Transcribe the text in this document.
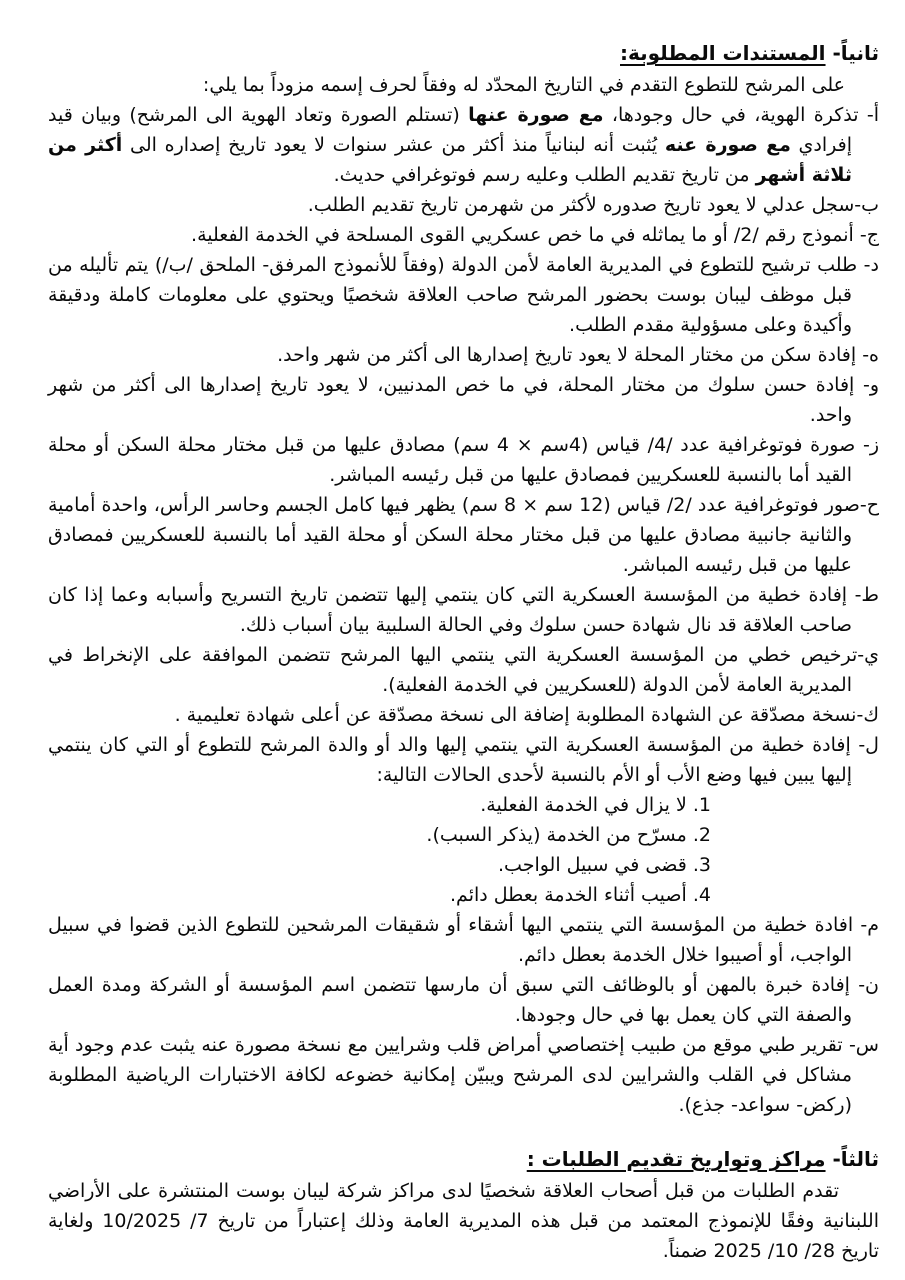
ثانياً- المستندات المطلوبة:

على المرشح للتطوع التقدم في التاريخ المحدّد له وفقاً لحرف إسمه مزوداً بما يلي:

أ- تذكرة الهوية، في حال وجودها، مع صورة عنها (تستلم الصورة وتعاد الهوية الى المرشح) وبيان قيد إفرادي مع صورة عنه يُثبت أنه لبنانياً منذ أكثر من عشر سنوات لا يعود تاريخ إصداره الى أكثر من ثلاثة أشهر من تاريخ تقديم الطلب وعليه رسم فوتوغرافي حديث.
ب-سجل عدلي لا يعود تاريخ صدوره لأكثر من شهرمن تاريخ تقديم الطلب.
ج- أنموذج رقم /2/ أو ما يماثله في ما خص عسكريي القوى المسلحة في الخدمة الفعلية.
د- طلب ترشيح للتطوع في المديرية العامة لأمن الدولة (وفقاً للأنموذج المرفق- الملحق /ب/) يتم تأليله من قبل موظف ليبان بوست بحضور المرشح صاحب العلاقة شخصيًا ويحتوي على معلومات كاملة ودقيقة وأكيدة وعلى مسؤولية مقدم الطلب.
ه- إفادة سكن من مختار المحلة لا يعود تاريخ إصدارها الى أكثر من شهر واحد.
و- إفادة حسن سلوك من مختار المحلة، في ما خص المدنيين، لا يعود تاريخ إصدارها الى أكثر من شهر واحد.
ز- صورة فوتوغرافية عدد /4/ قياس (4سم × 4 سم) مصادق عليها من قبل مختار محلة السكن أو محلة القيد أما بالنسبة للعسكريين فمصادق عليها من قبل رئيسه المباشر.
ح-صور فوتوغرافية عدد /2/ قياس (12 سم × 8 سم) يظهر فيها كامل الجسم وحاسر الرأس، واحدة أمامية والثانية جانبية مصادق عليها من قبل مختار محلة السكن أو محلة القيد أما بالنسبة للعسكريين فمصادق عليها من قبل رئيسه المباشر.
ط- إفادة خطية من المؤسسة العسكرية التي كان ينتمي إليها تتضمن تاريخ التسريح وأسبابه وعما إذا كان صاحب العلاقة قد نال شهادة حسن سلوك وفي الحالة السلبية بيان أسباب ذلك.
ي-ترخيص خطي من المؤسسة العسكرية التي ينتمي اليها المرشح تتضمن الموافقة على الإنخراط في المديرية العامة لأمن الدولة (للعسكريين في الخدمة الفعلية).
ك-نسخة مصدّقة عن الشهادة المطلوبة إضافة الى نسخة مصدّقة عن أعلى شهادة تعليمية .
ل- إفادة خطية من المؤسسة العسكرية التي ينتمي إليها والد أو والدة المرشح للتطوع أو التي كان ينتمي إليها يبين فيها وضع الأب أو الأم بالنسبة لأحدى الحالات التالية:
1. لا يزال في الخدمة الفعلية.
2. مسرّح من الخدمة (يذكر السبب).
3. قضى في سبيل الواجب.
4. أصيب أثناء الخدمة بعطل دائم.
م- افادة خطية من المؤسسة التي ينتمي اليها أشقاء أو شقيقات المرشحين للتطوع الذين قضوا في سبيل الواجب، أو أصيبوا خلال الخدمة بعطل دائم.
ن- إفادة خبرة بالمهن أو بالوظائف التي سبق أن مارسها تتضمن اسم المؤسسة أو الشركة ومدة العمل والصفة التي كان يعمل بها في حال وجودها.
س- تقرير طبي موقع من طبيب إختصاصي أمراض قلب وشرايين مع نسخة مصورة عنه يثبت عدم وجود أية مشاكل في القلب والشرايين لدى المرشح ويبيّن إمكانية خضوعه لكافة الاختبارات الرياضية المطلوبة (ركض- سواعد- جذع).

ثالثاً- مراكز وتواريخ تقديم الطلبات :

تقدم الطلبات من قبل أصحاب العلاقة شخصيًا لدى مراكز شركة ليبان بوست المنتشرة على الأراضي اللبنانية وفقًا للإنموذج المعتمد من قبل هذه المديرية العامة وذلك إعتباراً من تاريخ 7/ 10/2025 ولغاية تاريخ 28/ 10/ 2025 ضمناً.
